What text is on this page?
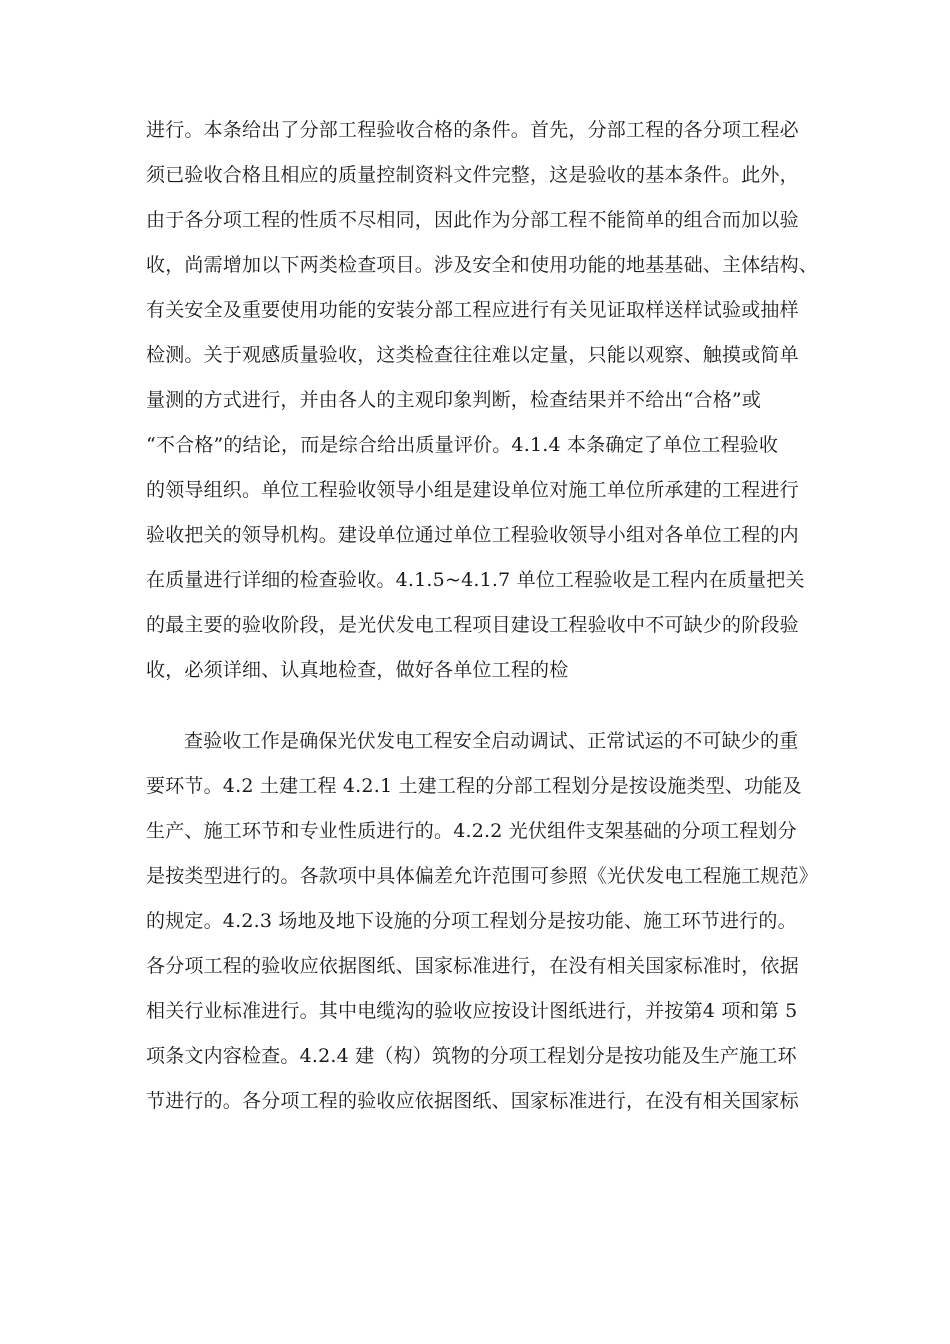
进行。本条给出了分部工程验收合格的条件。首先，分部工程的各分项工程必
须已验收合格且相应的质量控制资料文件完整，这是验收的基本条件。此外，
由于各分项工程的性质不尽相同，因此作为分部工程不能简单的组合而加以验
收，尚需增加以下两类检查项目。涉及安全和使用功能的地基基础、主体结构、
有关安全及重要使用功能的安装分部工程应进行有关见证取样送样试验或抽样
检测。关于观感质量验收，这类检查往往难以定量，只能以观察、触摸或简单
量测的方式进行，并由各人的主观印象判断，检查结果并不给出“合格”或
“不合格”的结论，而是综合给出质量评价。4.1.4 本条确定了单位工程验收
的领导组织。单位工程验收领导小组是建设单位对施工单位所承建的工程进行
验收把关的领导机构。建设单位通过单位工程验收领导小组对各单位工程的内
在质量进行详细的检查验收。4.1.5~4.1.7 单位工程验收是工程内在质量把关
的最主要的验收阶段，是光伏发电工程项目建设工程验收中不可缺少的阶段验
收，必须详细、认真地检查，做好各单位工程的检
查验收工作是确保光伏发电工程安全启动调试、正常试运的不可缺少的重
要环节。4.2 土建工程 4.2.1 土建工程的分部工程划分是按设施类型、功能及
生产、施工环节和专业性质进行的。4.2.2 光伏组件支架基础的分项工程划分
是按类型进行的。各款项中具体偏差允许范围可参照《光伏发电工程施工规范》
的规定。4.2.3 场地及地下设施的分项工程划分是按功能、施工环节进行的。
各分项工程的验收应依据图纸、国家标准进行，在没有相关国家标准时，依据
相关行业标准进行。其中电缆沟的验收应按设计图纸进行，并按第4 项和第 5
项条文内容检查。4.2.4 建（构）筑物的分项工程划分是按功能及生产施工环
节进行的。各分项工程的验收应依据图纸、国家标准进行，在没有相关国家标
